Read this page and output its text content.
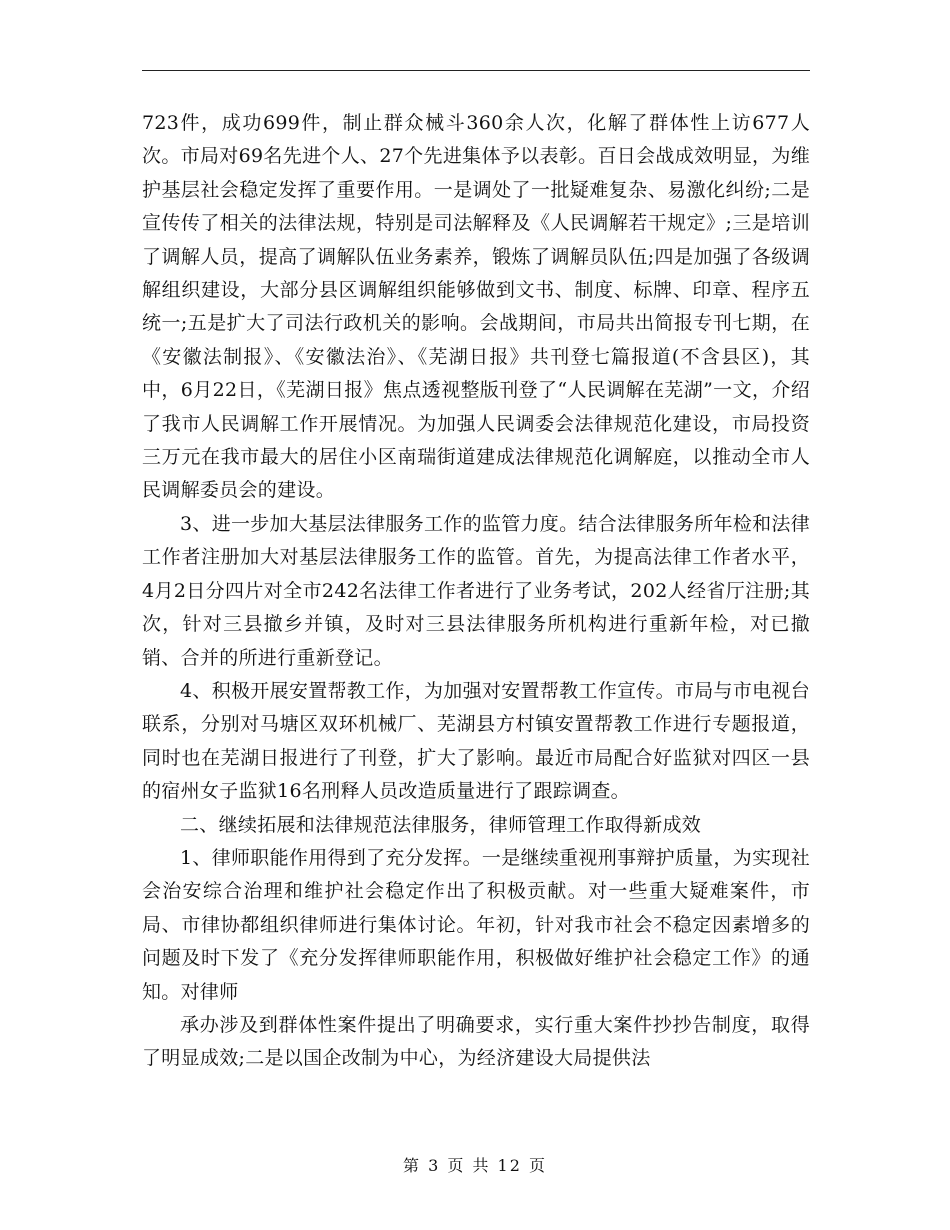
723件，成功699件，制止群众械斗360余人次，化解了群体性上访677人次。市局对69名先进个人、27个先进集体予以表彰。百日会战成效明显，为维护基层社会稳定发挥了重要作用。一是调处了一批疑难复杂、易激化纠纷;二是宣传传了相关的法律法规，特别是司法解释及《人民调解若干规定》;三是培训了调解人员，提高了调解队伍业务素养，锻炼了调解员队伍;四是加强了各级调解组织建设，大部分县区调解组织能够做到文书、制度、标牌、印章、程序五统一;五是扩大了司法行政机关的影响。会战期间，市局共出简报专刊七期，在《安徽法制报》、《安徽法治》、《芜湖日报》共刊登七篇报道(不含县区)，其中，6月22日，《芜湖日报》焦点透视整版刊登了“人民调解在芜湖”一文，介绍了我市人民调解工作开展情况。为加强人民调委会法律规范化建设，市局投资三万元在我市最大的居住小区南瑞街道建成法律规范化调解庭，以推动全市人民调解委员会的建设。

3、进一步加大基层法律服务工作的监管力度。结合法律服务所年检和法律工作者注册加大对基层法律服务工作的监管。首先，为提高法律工作者水平，4月2日分四片对全市242名法律工作者进行了业务考试，202人经省厅注册;其次，针对三县撤乡并镇，及时对三县法律服务所机构进行重新年检，对已撤销、合并的所进行重新登记。

4、积极开展安置帮教工作，为加强对安置帮教工作宣传。市局与市电视台联系，分别对马塘区双环机械厂、芜湖县方村镇安置帮教工作进行专题报道，同时也在芜湖日报进行了刊登，扩大了影响。最近市局配合好监狱对四区一县的宿州女子监狱16名刑释人员改造质量进行了跟踪调查。

二、继续拓展和法律规范法律服务，律师管理工作取得新成效

1、律师职能作用得到了充分发挥。一是继续重视刑事辩护质量，为实现社会治安综合治理和维护社会稳定作出了积极贡献。对一些重大疑难案件，市局、市律协都组织律师进行集体讨论。年初，针对我市社会不稳定因素增多的问题及时下发了《充分发挥律师职能作用，积极做好维护社会稳定工作》的通知。对律师

承办涉及到群体性案件提出了明确要求，实行重大案件抄抄告制度，取得了明显成效;二是以国企改制为中心，为经济建设大局提供法

第 3 页 共 12 页
